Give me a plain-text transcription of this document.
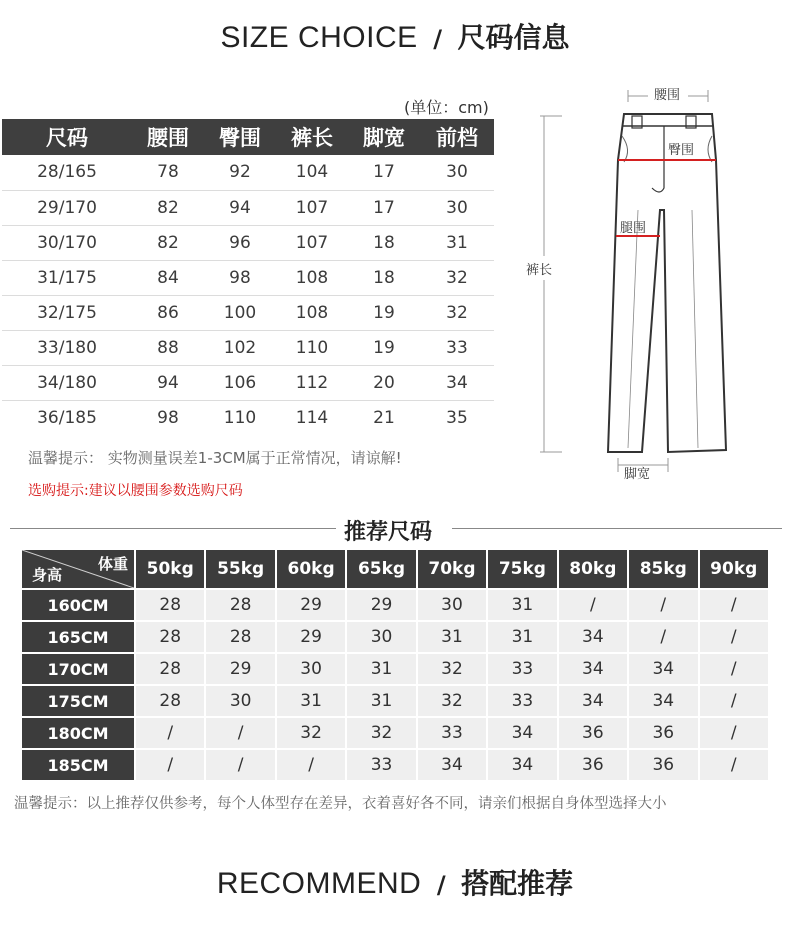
SIZE CHOICE / 尺码信息
(单位：cm)
尺码	腰围	臀围	裤长	脚宽	前档
28/165	78	92	104	17	30
29/170	82	94	107	17	30
30/170	82	96	107	18	31
31/175	84	98	108	18	32
32/175	86	100	108	19	32
33/180	88	102	110	19	33
34/180	94	106	112	20	34
36/185	98	110	114	21	35
温馨提示： 实物测量误差1-3CM属于正常情况，请谅解!
选购提示:建议以腰围参数选购尺码
腰围
臀围
腿围
裤长
脚宽
推荐尺码
体重
身高	50kg	55kg	60kg	65kg	70kg	75kg	80kg	85kg	90kg
160CM	28	28	29	29	30	31	/	/	/
165CM	28	28	29	30	31	31	34	/	/
170CM	28	29	30	31	32	33	34	34	/
175CM	28	30	31	31	32	33	34	34	/
180CM	/	/	32	32	33	34	36	36	/
185CM	/	/	/	33	34	34	36	36	/
温馨提示：以上推荐仅供参考，每个人体型存在差异，衣着喜好各不同，请亲们根据自身体型选择大小
RECOMMEND / 搭配推荐
